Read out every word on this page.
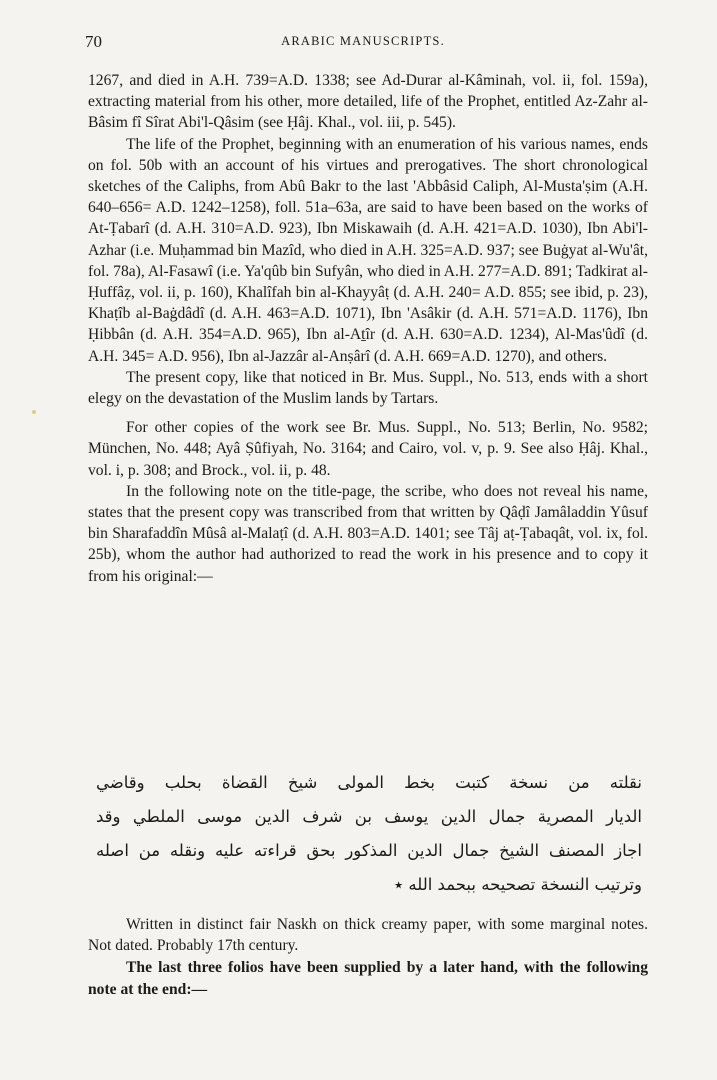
70	ARABIC MANUSCRIPTS.

1267, and died in A.H. 739=A.D. 1338; see Ad-Durar al-Kâminah, vol. ii, fol. 159a), extracting material from his other, more detailed, life of the Prophet, entitled Az-Zahr al-Bâsim fî Sîrat Abi'l-Qâsim (see Ḥâj. Khal., vol. iii, p. 545).

The life of the Prophet, beginning with an enumeration of his various names, ends on fol. 50b with an account of his virtues and prerogatives. The short chronological sketches of the Caliphs, from Abû Bakr to the last 'Abbâsid Caliph, Al-Musta'ṣim (A.H. 640–656= A.D. 1242–1258), foll. 51a–63a, are said to have been based on the works of At-Ṭabarî (d. A.H. 310=A.D. 923), Ibn Miskawaih (d. A.H. 421=A.D. 1030), Ibn Abi'l-Azhar (i.e. Muḥammad bin Mazîd, who died in A.H. 325=A.D. 937; see Buġyat al-Wu'ât, fol. 78a), Al-Fasawî (i.e. Ya'qûb bin Sufyân, who died in A.H. 277=A.D. 891; Tadkirat al-Ḥuffâẓ, vol. ii, p. 160), Khalîfah bin al-Khayyâṭ (d. A.H. 240= A.D. 855; see ibid, p. 23), Khaṭîb al-Baġdâdî (d. A.H. 463=A.D. 1071), Ibn 'Asâkir (d. A.H. 571=A.D. 1176), Ibn Ḥibbân (d. A.H. 354=A.D. 965), Ibn al-Aṯîr (d. A.H. 630=A.D. 1234), Al-Mas'ûdî (d. A.H. 345= A.D. 956), Ibn al-Jazzâr al-Anṣârî (d. A.H. 669=A.D. 1270), and others.

The present copy, like that noticed in Br. Mus. Suppl., No. 513, ends with a short elegy on the devastation of the Muslim lands by Tartars.

For other copies of the work see Br. Mus. Suppl., No. 513; Berlin, No. 9582; München, No. 448; Ayâ Ṣûfiyah, No. 3164; and Cairo, vol. v, p. 9. See also Ḥâj. Khal., vol. i, p. 308; and Brock., vol. ii, p. 48.

In the following note on the title-page, the scribe, who does not reveal his name, states that the present copy was transcribed from that written by Qâḍî Jamâladdin Yûsuf bin Sharafaddîn Mûsâ al-Malaṭî (d. A.H. 803=A.D. 1401; see Tâj aṭ-Ṭabaqât, vol. ix, fol. 25b), whom the author had authorized to read the work in his presence and to copy it from his original:—

نقلته من نسخة كتبت بخط المولى شيخ القضاة بحلب وقاضي
الديار المصرية جمال الدين يوسف بن شرف الدين موسى الملطي وقد
اجاز المصنف الشيخ جمال الدين المذكور بحق قراءته عليه ونقله من اصله
وترتيب النسخة تصحيحه ببحمد الله ٭

Written in distinct fair Naskh on thick creamy paper, with some marginal notes. Not dated. Probably 17th century.

The last three folios have been supplied by a later hand, with the following note at the end:—
